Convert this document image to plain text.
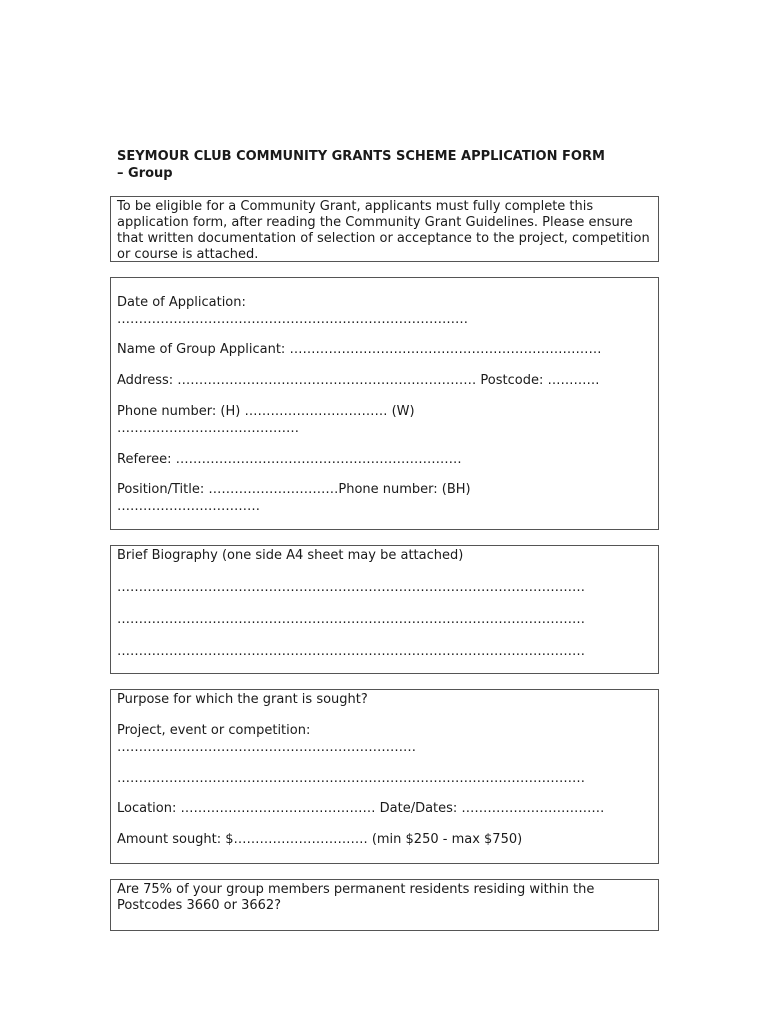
SEYMOUR CLUB COMMUNITY GRANTS SCHEME APPLICATION FORM
– Group
To be eligible for a Community Grant, applicants must fully complete this application form, after reading the Community Grant Guidelines. Please ensure that written documentation of selection or acceptance to the project, competition or course is attached.
Date of Application:
………………………………………………………………………
Name of Group Applicant: ………………………………………………………………
Address: …………………………………………………………… Postcode: …………
Phone number: (H) …………………………… (W)
……………………………………
Referee: …………………………………………………………
Position/Title: …………………………Phone number: (BH)
……………………………
Brief Biography (one side A4 sheet may be attached)
………………………………………………………………………………………………
………………………………………………………………………………………………
………………………………………………………………………………………………
Purpose for which the grant is sought?
Project, event or competition:
……………………………………………………………
………………………………………………………………………………………………
Location: ……………………………………… Date/Dates: ……………………………
Amount sought: $…………………………. (min $250 - max $750)
Are 75% of your group members permanent residents residing within the Postcodes 3660 or 3662?
